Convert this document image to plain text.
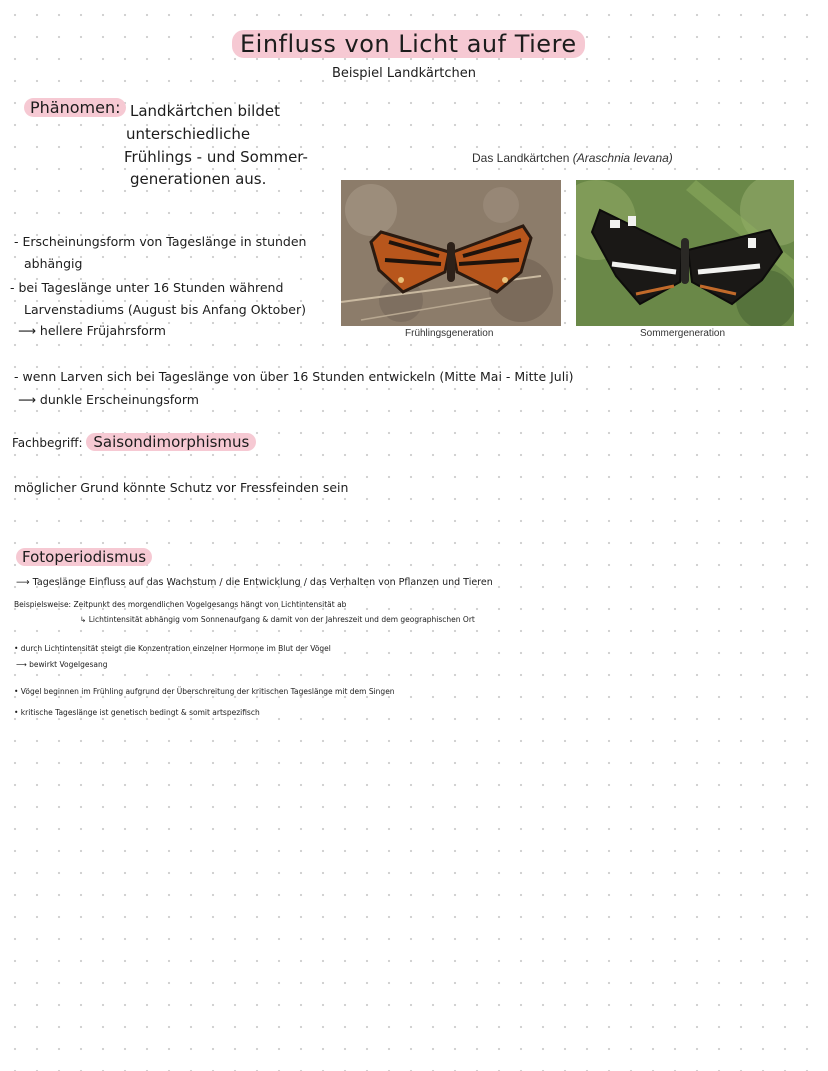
Einfluss von Licht auf Tiere
Beispiel Landkärtchen
Phänomen: Landkärtchen bildet
unterschiedliche
Frühlings - und Sommer-
generationen aus.
Das Landkärtchen (Araschnia levana)
Frühlingsgeneration	Sommergeneration
- Erscheinungsform von Tageslänge in stunden
abhängig
- bei Tageslänge unter 16 Stunden während
Larvenstadiums (August bis Anfang Oktober)
⟶ hellere Früjahrsform
- wenn Larven sich bei Tageslänge von über 16 Stunden entwickeln (Mitte Mai - Mitte Juli)
⟶ dunkle Erscheinungsform
Fachbegriff: Saisondimorphismus
möglicher Grund könnte Schutz vor Fressfeinden sein
Fotoperiodismus
⟶ Tageslänge Einfluss auf das Wachstum / die Entwicklung / das Verhalten von Pflanzen und Tieren
Beispielsweise: Zeitpunkt des morgendlichen Vogelgesangs hängt von Lichtintensität ab
↳ Lichtintensität abhängig vom Sonnenaufgang & damit von der Jahreszeit und dem geographischen Ort
• durch Lichtintensität steigt die Konzentration einzelner Hormone im Blut der Vögel
⟶ bewirkt Vogelgesang
• Vögel beginnen im Frühling aufgrund der Überschreitung der kritischen Tageslänge mit dem Singen
• kritische Tageslänge ist genetisch bedingt & somit artspezifisch
